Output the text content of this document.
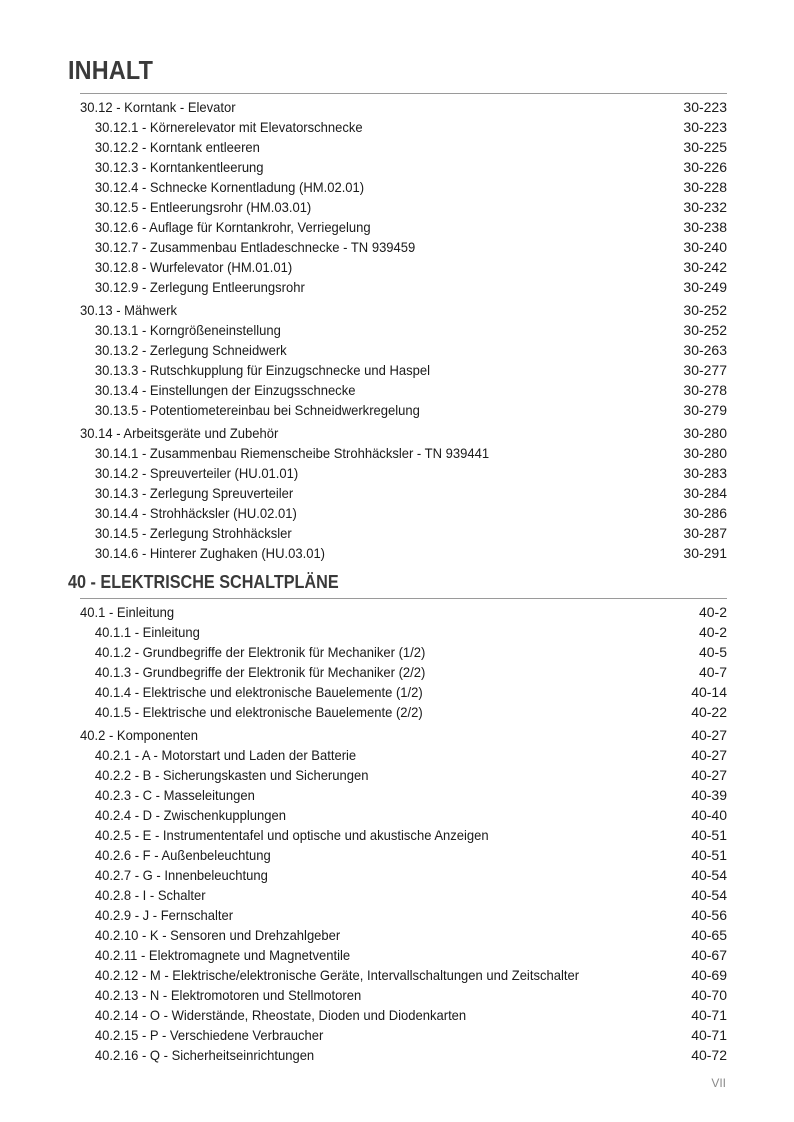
INHALT
30.12 - Korntank - Elevator	30-223
30.12.1 - Körnerelevator mit Elevatorschnecke	30-223
30.12.2 - Korntank entleeren	30-225
30.12.3 - Korntankentleerung	30-226
30.12.4 - Schnecke Kornentladung (HM.02.01)	30-228
30.12.5 - Entleerungsrohr (HM.03.01)	30-232
30.12.6 - Auflage für Korntankrohr, Verriegelung	30-238
30.12.7 - Zusammenbau Entladeschnecke - TN 939459	30-240
30.12.8 - Wurfelevator (HM.01.01)	30-242
30.12.9 - Zerlegung Entleerungsrohr	30-249
30.13 - Mähwerk	30-252
30.13.1 - Korngrößeneinstellung	30-252
30.13.2 - Zerlegung Schneidwerk	30-263
30.13.3 - Rutschkupplung für Einzugschnecke und Haspel	30-277
30.13.4 - Einstellungen der Einzugsschnecke	30-278
30.13.5 - Potentiometereinbau bei Schneidwerkregelung	30-279
30.14 - Arbeitsgeräte und Zubehör	30-280
30.14.1 - Zusammenbau Riemenscheibe Strohhäcksler - TN 939441	30-280
30.14.2 - Spreuverteiler (HU.01.01)	30-283
30.14.3 - Zerlegung Spreuverteiler	30-284
30.14.4 - Strohhäcksler (HU.02.01)	30-286
30.14.5 - Zerlegung Strohhäcksler	30-287
30.14.6 - Hinterer Zughaken (HU.03.01)	30-291
40 - ELEKTRISCHE SCHALTPLÄNE
40.1 - Einleitung	40-2
40.1.1 - Einleitung	40-2
40.1.2 - Grundbegriffe der Elektronik für Mechaniker (1/2)	40-5
40.1.3 - Grundbegriffe der Elektronik für Mechaniker (2/2)	40-7
40.1.4 - Elektrische und elektronische Bauelemente (1/2)	40-14
40.1.5 - Elektrische und elektronische Bauelemente (2/2)	40-22
40.2 - Komponenten	40-27
40.2.1 - A - Motorstart und Laden der Batterie	40-27
40.2.2 - B - Sicherungskasten und Sicherungen	40-27
40.2.3 - C - Masseleitungen	40-39
40.2.4 - D - Zwischenkupplungen	40-40
40.2.5 - E - Instrumententafel und optische und akustische Anzeigen	40-51
40.2.6 - F - Außenbeleuchtung	40-51
40.2.7 - G - Innenbeleuchtung	40-54
40.2.8 - I - Schalter	40-54
40.2.9 - J - Fernschalter	40-56
40.2.10 - K - Sensoren und Drehzahlgeber	40-65
40.2.11 - Elektromagnete und Magnetventile	40-67
40.2.12 - M - Elektrische/elektronische Geräte, Intervallschaltungen und Zeitschalter	40-69
40.2.13 - N - Elektromotoren und Stellmotoren	40-70
40.2.14 - O - Widerstände, Rheostate, Dioden und Diodenkarten	40-71
40.2.15 - P - Verschiedene Verbraucher	40-71
40.2.16 - Q - Sicherheitseinrichtungen	40-72
VII
